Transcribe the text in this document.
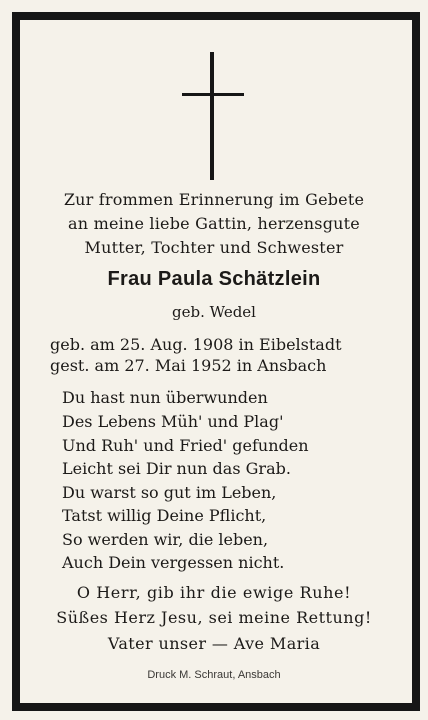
Zur frommen Erinnerung im Gebete
an meine liebe Gattin, herzensgute
Mutter, Tochter und Schwester
Frau Paula Schätzlein
geb. Wedel
geb. am 25. Aug. 1908 in Eibelstadt
gest. am 27. Mai 1952 in Ansbach
Du hast nun überwunden
Des Lebens Müh' und Plag'
Und Ruh' und Fried' gefunden
Leicht sei Dir nun das Grab.
Du warst so gut im Leben,
Tatst willig Deine Pflicht,
So werden wir, die leben,
Auch Dein vergessen nicht.
O Herr, gib ihr die ewige Ruhe!
Süßes Herz Jesu, sei meine Rettung!
Vater unser — Ave Maria
Druck M. Schraut, Ansbach
